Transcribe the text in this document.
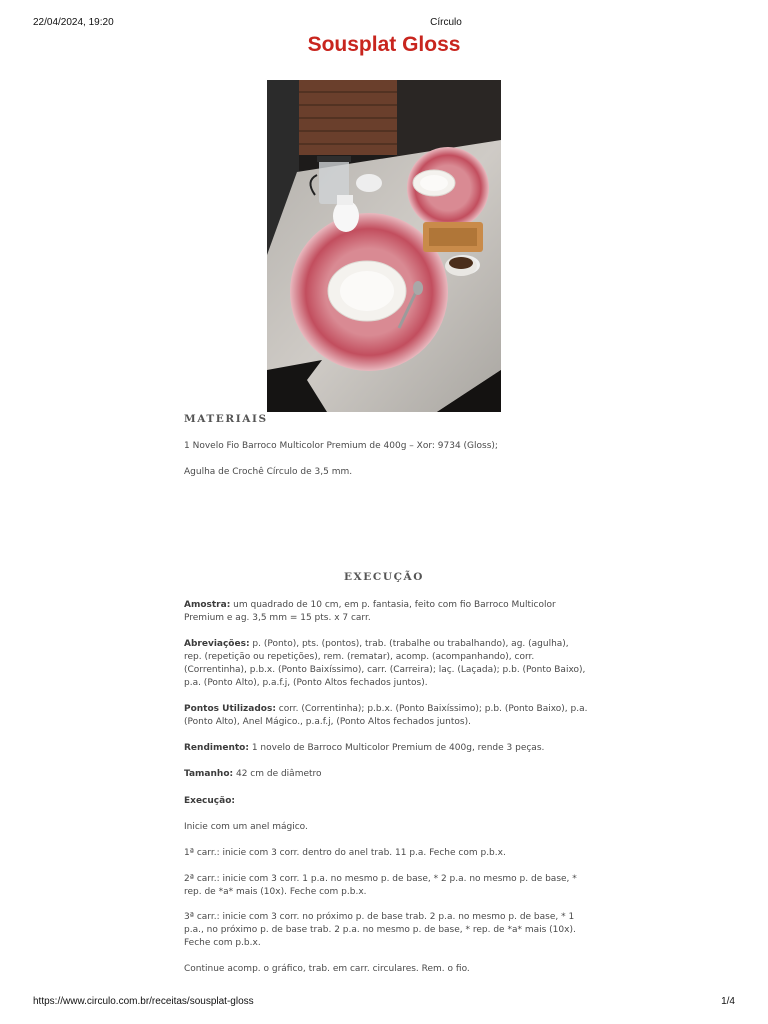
22/04/2024, 19:20	Círculo
Sousplat Gloss
MATERIAIS

1 Novelo Fio Barroco Multicolor Premium de 400g – Xor: 9734 (Gloss);

Agulha de Crochê Círculo de 3,5 mm.

EXECUÇÃO

Amostra: um quadrado de 10 cm, em p. fantasia, feito com fio Barroco Multicolor Premium e ag. 3,5 mm = 15 pts. x 7 carr.

Abreviações: p. (Ponto), pts. (pontos), trab. (trabalhe ou trabalhando), ag. (agulha), rep. (repetição ou repetições), rem. (rematar), acomp. (acompanhando), corr. (Correntinha), p.b.x. (Ponto Baixíssimo), carr. (Carreira); laç. (Laçada); p.b. (Ponto Baixo), p.a. (Ponto Alto), p.a.f.j, (Ponto Altos fechados juntos).

Pontos Utilizados: corr. (Correntinha); p.b.x. (Ponto Baixíssimo); p.b. (Ponto Baixo), p.a. (Ponto Alto), Anel Mágico., p.a.f.j, (Ponto Altos fechados juntos).

Rendimento: 1 novelo de Barroco Multicolor Premium de 400g, rende 3 peças.

Tamanho: 42 cm de diâmetro

Execução:

Inicie com um anel mágico.

1ª carr.: inicie com 3 corr. dentro do anel trab. 11 p.a. Feche com p.b.x.

2ª carr.: inicie com 3 corr. 1 p.a. no mesmo p. de base, * 2 p.a. no mesmo p. de base, * rep. de *a* mais (10x). Feche com p.b.x.

3ª carr.: inicie com 3 corr. no próximo p. de base trab. 2 p.a. no mesmo p. de base, * 1 p.a., no próximo p. de base trab. 2 p.a. no mesmo p. de base, * rep. de *a* mais (10x). Feche com p.b.x.

Continue acomp. o gráfico, trab. em carr. circulares. Rem. o fio.

https://www.circulo.com.br/receitas/sousplat-gloss	1/4
